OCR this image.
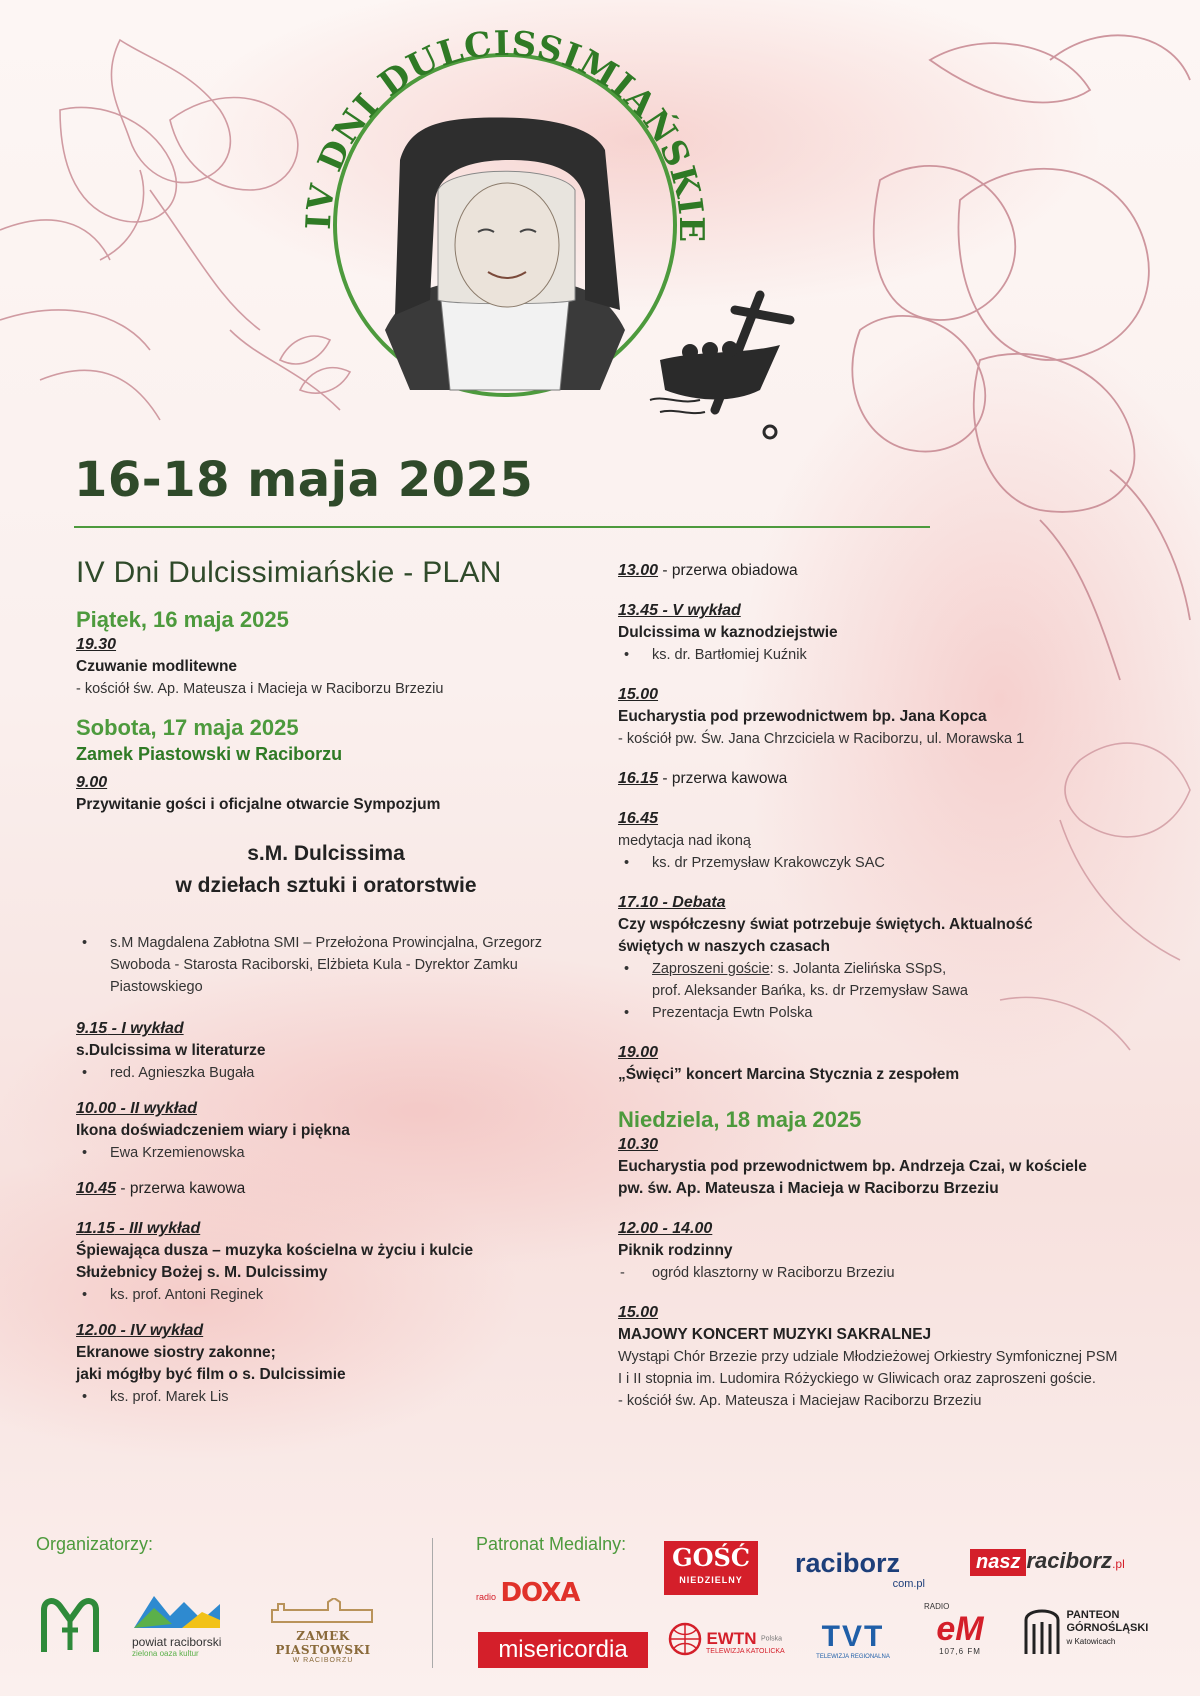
IV DNI DULCISSIMIAŃSKIE
16-18 maja 2025
IV Dni Dulcissimiańskie - PLAN

Piątek, 16 maja 2025

19.30

Czuwanie modlitewne

- kościół św. Ap. Mateusza i Macieja w Raciborzu Brzeziu

Sobota, 17 maja 2025

Zamek Piastowski w Raciborzu

9.00

Przywitanie gości i oficjalne otwarcie Sympozjum

s.M. Dulcissima

w dziełach sztuki i oratorstwie

• s.M Magdalena Zabłotna SMI – Przełożona Prowincjalna, Grzegorz Swoboda - Starosta Raciborski, Elżbieta Kula - Dyrektor Zamku Piastowskiego

9.15 - I wykład

s.Dulcissima w literaturze

• red. Agnieszka Bugała

10.00 - II wykład

Ikona doświadczeniem wiary i piękna

• Ewa Krzemienowska

10.45 - przerwa kawowa

11.15 - III wykład

Śpiewająca dusza – muzyka kościelna w życiu i kulcie

Służebnicy Bożej s. M. Dulcissimy

• ks. prof. Antoni Reginek

12.00 - IV wykład

Ekranowe siostry zakonne;

jaki mógłby być film o s. Dulcissimie

• ks. prof. Marek Lis

13.00 - przerwa obiadowa

13.45 - V wykład

Dulcissima w kaznodziejstwie

• ks. dr. Bartłomiej Kuźnik

15.00

Eucharystia pod przewodnictwem bp. Jana Kopca

- kościół pw. Św. Jana Chrzciciela w Raciborzu, ul. Morawska 1

16.15 - przerwa kawowa

16.45

medytacja nad ikoną

• ks. dr Przemysław Krakowczyk SAC

17.10 - Debata

Czy współczesny świat potrzebuje świętych. Aktualność

świętych w naszych czasach

• Zaproszeni goście: s. Jolanta Zielińska SSpS,

prof. Aleksander Bańka, ks. dr Przemysław Sawa

• Prezentacja Ewtn Polska

19.00

„Święci” koncert Marcina Stycznia z zespołem

Niedziela, 18 maja 2025

10.30

Eucharystia pod przewodnictwem bp. Andrzeja Czai, w kościele

pw. św. Ap. Mateusza i Macieja w Raciborzu Brzeziu

12.00 - 14.00

Piknik rodzinny

- ogród klasztorny w Raciborzu Brzeziu

15.00

MAJOWY KONCERT MUZYKI SAKRALNEJ

Wystąpi Chór Brzezie przy udziale Młodzieżowej Orkiestry Symfonicznej PSM

I i II stopnia im. Ludomira Różyckiego w Gliwicach oraz zaproszeni goście.

- kościół św. Ap. Mateusza i Maciejaw Raciborzu Brzeziu

Organizatorzy:	Patronat Medialny:
powiat raciborski
zielona oaza kultur
ZAMEK PIASTOWSKI
W RACIBORZU
GOŚĆ
NIEDZIELNY
raciborz
com.pl
nasz raciborz.pl
radio DOXA
misericordia	EWTN Polska
TELEWIZJA KATOLICKA	TVT
TELEWIZJA REGIONALNA
RADIO
eM
107,6 FM

PANTEON
GÓRNOŚLĄSKI
w Katowicach
